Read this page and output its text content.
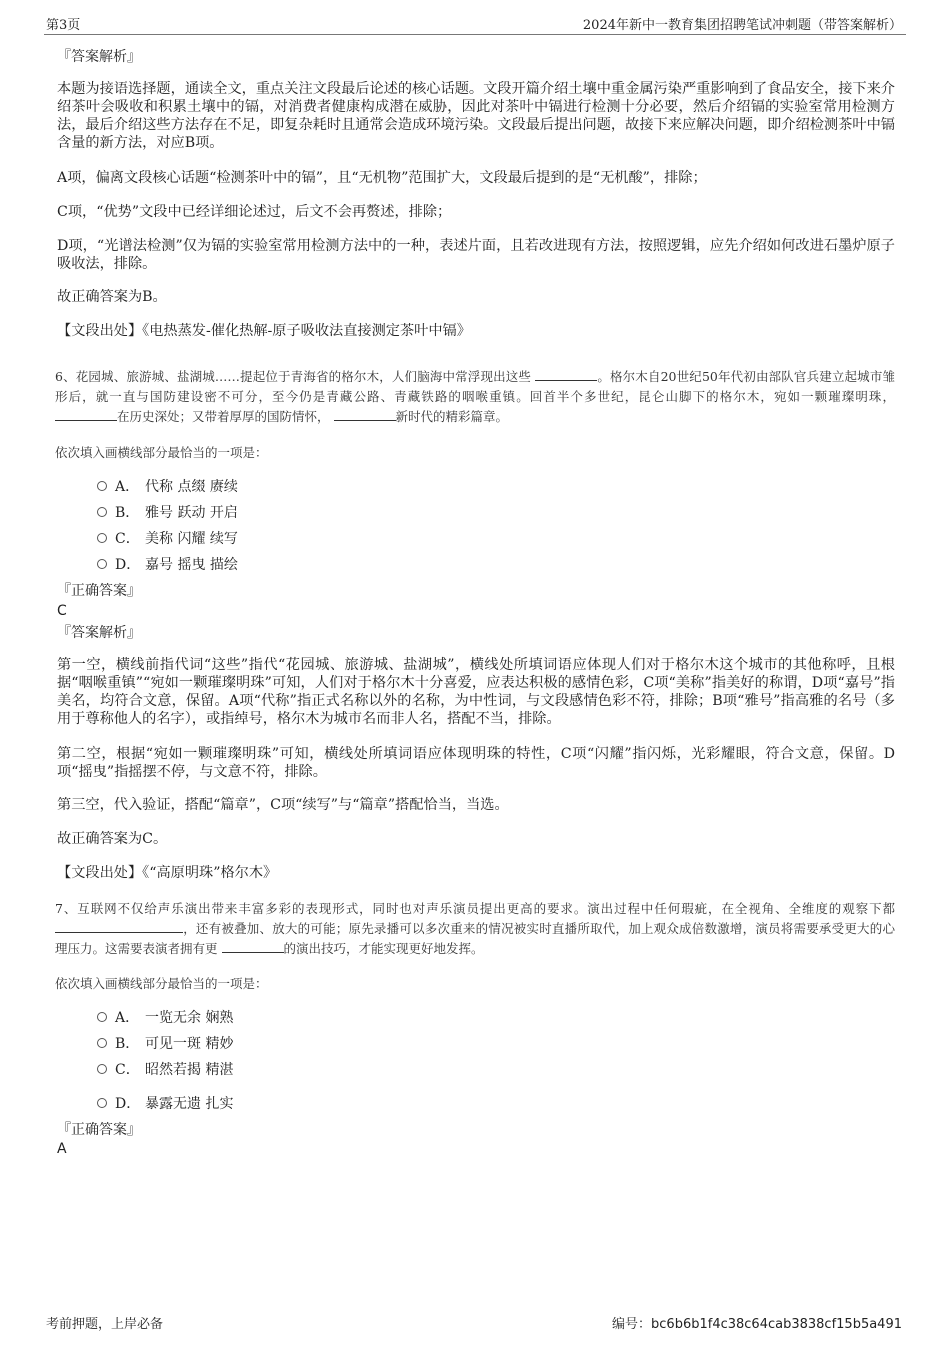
第3页	2024年新中一教育集团招聘笔试冲刺题（带答案解析）
『答案解析』

本题为接语选择题，通读全文，重点关注文段最后论述的核心话题。文段开篇介绍土壤中重金属污染严重影响到了食品安全，接下来介绍茶叶会吸收和积累土壤中的镉，对消费者健康构成潜在威胁，因此对茶叶中镉进行检测十分必要，然后介绍镉的实验室常用检测方法，最后介绍这些方法存在不足，即复杂耗时且通常会造成环境污染。文段最后提出问题，故接下来应解决问题，即介绍检测茶叶中镉含量的新方法，对应B项。

A项，偏离文段核心话题“检测茶叶中的镉”，且“无机物”范围扩大，文段最后提到的是“无机酸”，排除；

C项，“优势”文段中已经详细论述过，后文不会再赘述，排除；

D项，“光谱法检测”仅为镉的实验室常用检测方法中的一种，表述片面，且若改进现有方法，按照逻辑，应先介绍如何改进石墨炉原子吸收法，排除。

故正确答案为B。

【文段出处】《电热蒸发-催化热解-原子吸收法直接测定茶叶中镉》

6、花园城、旅游城、盐湖城……提起位于青海省的格尔木，人们脑海中常浮现出这些	。格尔木自20世纪50年代初由部队官兵建立起城市雏形后，就一直与国防建设密不可分，至今仍是青藏公路、青藏铁路的咽喉重镇。回首半个多世纪，昆仑山脚下的格尔木，宛如一颗璀璨明珠， 在历史深处；又带着厚厚的国防情怀，	新时代的精彩篇章。
依次填入画横线部分最恰当的一项是：
A． 代称 点缀 赓续
B． 雅号 跃动 开启
C． 美称 闪耀 续写
D． 嘉号 摇曳 描绘
『正确答案』
C
『答案解析』

第一空，横线前指代词“这些”指代“花园城、旅游城、盐湖城”，横线处所填词语应体现人们对于格尔木这个城市的其他称呼，且根据“咽喉重镇”“宛如一颗璀璨明珠”可知，人们对于格尔木十分喜爱，应表达积极的感情色彩，C项“美称”指美好的称谓，D项“嘉号”指美名，均符合文意，保留。A项“代称”指正式名称以外的名称，为中性词，与文段感情色彩不符，排除；B项“雅号”指高雅的名号（多用于尊称他人的名字），或指绰号，格尔木为城市名而非人名，搭配不当，排除。

第二空，根据“宛如一颗璀璨明珠”可知，横线处所填词语应体现明珠的特性，C项“闪耀”指闪烁，光彩耀眼，符合文意，保留。D项“摇曳”指摇摆不停，与文意不符，排除。

第三空，代入验证，搭配“篇章”，C项“续写”与“篇章”搭配恰当，当选。

故正确答案为C。

【文段出处】《“高原明珠”格尔木》

7、互联网不仅给声乐演出带来丰富多彩的表现形式，同时也对声乐演员提出更高的要求。演出过程中任何瑕疵，在全视角、全维度的观察下都 ，还有被叠加、放大的可能；原先录播可以多次重来的情况被实时直播所取代，加上观众成倍数激增，演员将需要承受更大的心理压力。这需要表演者拥有更	的演出技巧，才能实现更好地发挥。
依次填入画横线部分最恰当的一项是：
A． 一览无余 娴熟
B． 可见一斑 精妙
C． 昭然若揭 精湛
D． 暴露无遗 扎实
『正确答案』
A
考前押题，上岸必备	编号：bc6b6b1f4c38c64cab3838cf15b5a491
